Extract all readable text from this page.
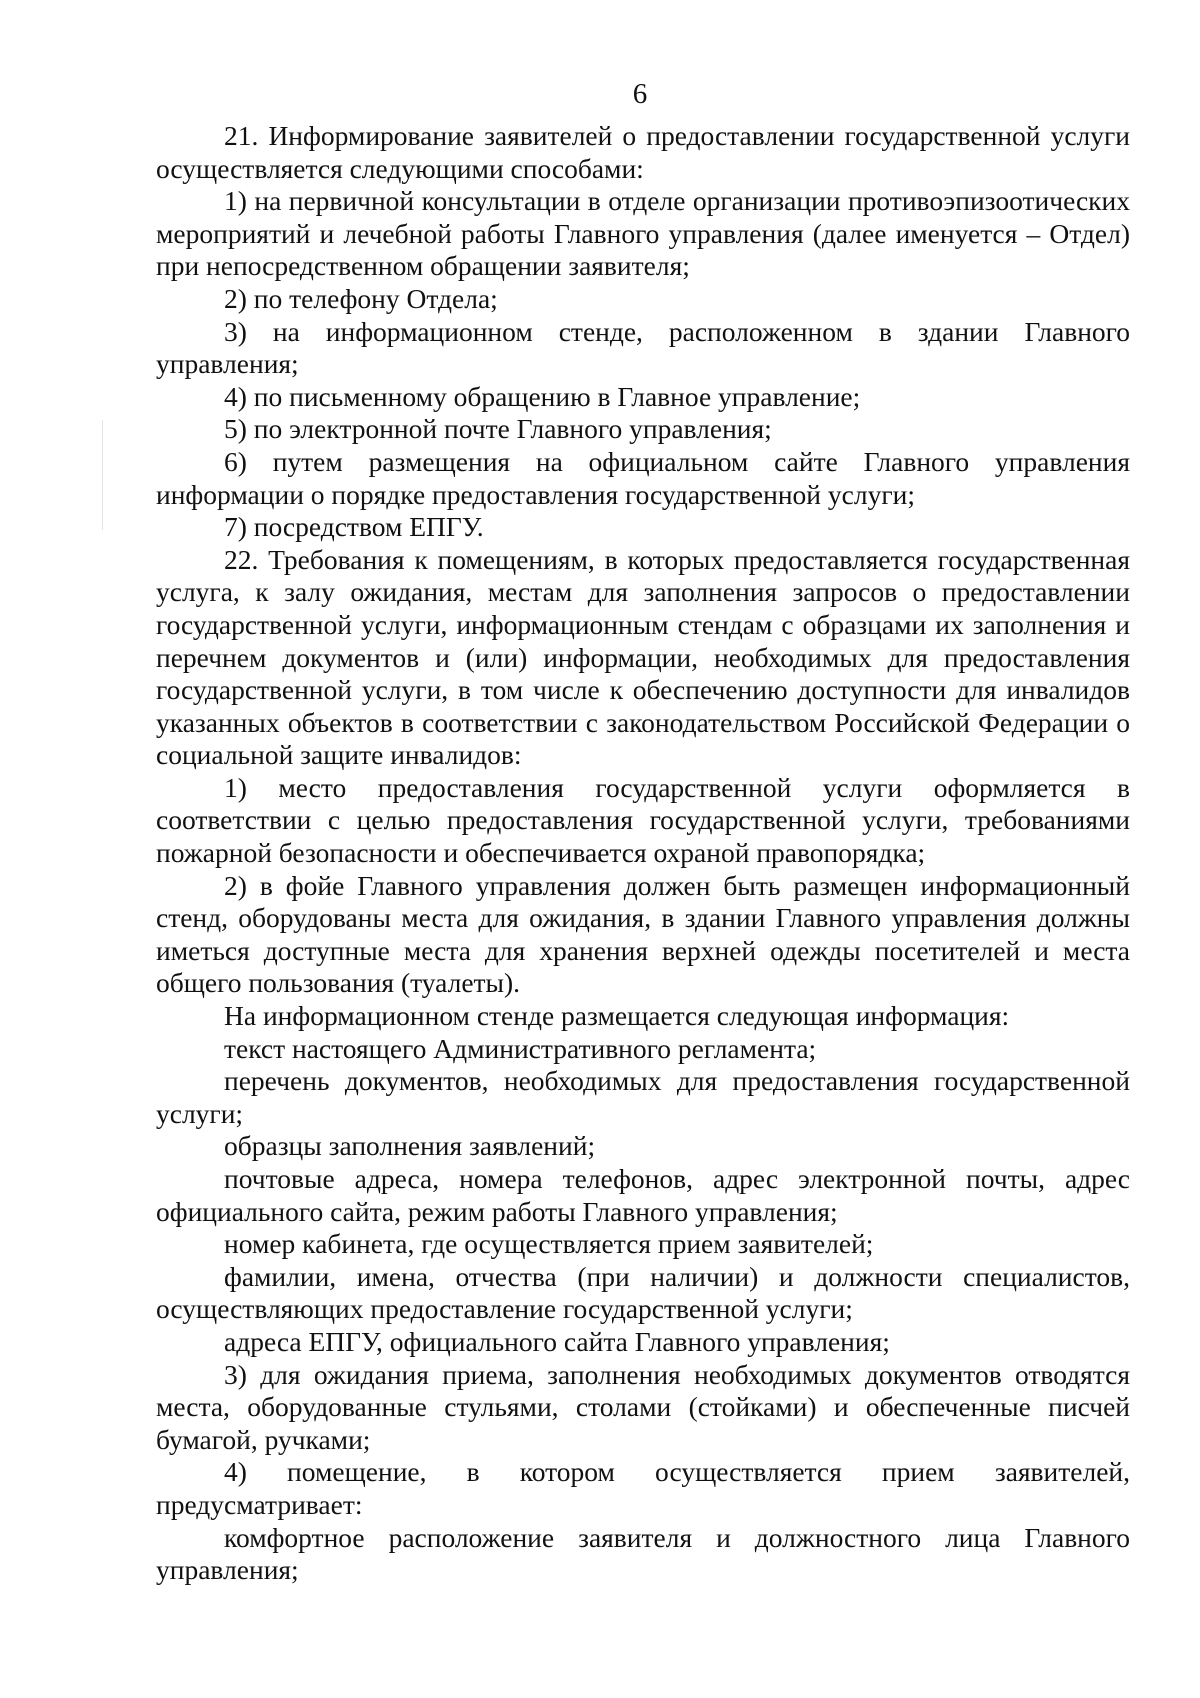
6

21. Информирование заявителей о предоставлении государственной услуги осуществляется следующими способами:

1) на первичной консультации в отделе организации противоэпизоотических мероприятий и лечебной работы Главного управления (далее именуется – Отдел) при непосредственном обращении заявителя;

2) по телефону Отдела;

3) на информационном стенде, расположенном в здании Главного управления;

4) по письменному обращению в Главное управление;

5) по электронной почте Главного управления;

6) путем размещения на официальном сайте Главного управления информации о порядке предоставления государственной услуги;

7) посредством ЕПГУ.

22. Требования к помещениям, в которых предоставляется государственная услуга, к залу ожидания, местам для заполнения запросов о предоставлении государственной услуги, информационным стендам с образцами их заполнения и перечнем документов и (или) информации, необходимых для предоставления государственной услуги, в том числе к обеспечению доступности для инвалидов указанных объектов в соответствии с законодательством Российской Федерации о социальной защите инвалидов:

1) место предоставления государственной услуги оформляется в соответствии с целью предоставления государственной услуги, требованиями пожарной безопасности и обеспечивается охраной правопорядка;

2) в фойе Главного управления должен быть размещен информационный стенд, оборудованы места для ожидания, в здании Главного управления должны иметься доступные места для хранения верхней одежды посетителей и места общего пользования (туалеты).

На информационном стенде размещается следующая информация:

текст настоящего Административного регламента;

перечень документов, необходимых для предоставления государственной услуги;

образцы заполнения заявлений;

почтовые адреса, номера телефонов, адрес электронной почты, адрес официального сайта, режим работы Главного управления;

номер кабинета, где осуществляется прием заявителей;

фамилии, имена, отчества (при наличии) и должности специалистов, осуществляющих предоставление государственной услуги;

адреса ЕПГУ, официального сайта Главного управления;

3) для ожидания приема, заполнения необходимых документов отводятся места, оборудованные стульями, столами (стойками) и обеспеченные писчей бумагой, ручками;

4) помещение, в котором осуществляется прием заявителей, предусматривает:

комфортное расположение заявителя и должностного лица Главного управления;
